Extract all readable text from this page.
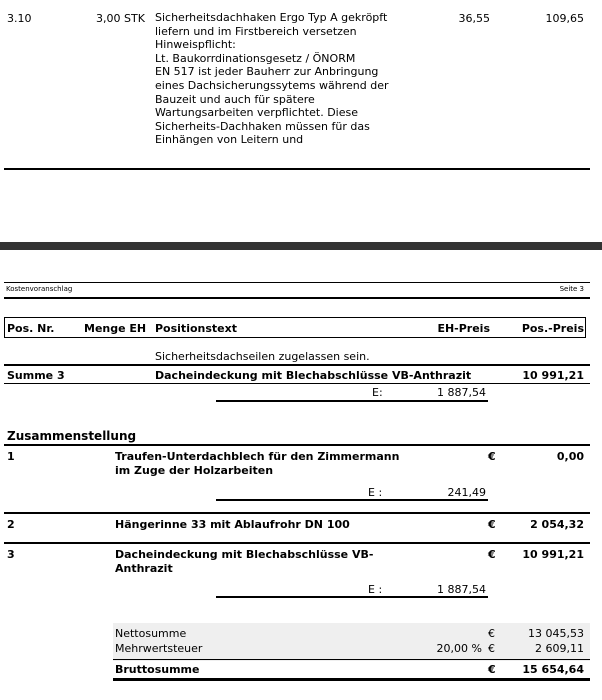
3.10	3,00 STK Sicherheitsdachhaken Ergo Typ A gekröpft
liefern und im Firstbereich versetzen
Hinweispflicht:
Lt. Baukorrdinationsgesetz / ÖNORM
EN 517 ist jeder Bauherr zur Anbringung
eines Dachsicherungssytems während der
Bauzeit und auch für spätere
Wartungsarbeiten verpflichtet. Diese
Sicherheits-Dachhaken müssen für das
Einhängen von Leitern und
36,55	109,65
Kostenvoranschlag	Seite 3
Pos. Nr.	Menge EH Positionstext	EH-Preis	Pos.-Preis
Sicherheitsdachseilen zugelassen sein.
Summe 3	Dacheindeckung mit Blechabschlüsse VB-Anthrazit	10 991,21
E:	1 887,54
Zusammenstellung
1	Traufen-Unterdachblech für den Zimmermann
im Zuge der Holzarbeiten
€	0,00
E :	241,49
2	Hängerinne 33 mit Ablaufrohr DN 100	€	2 054,32
3	Dacheindeckung mit Blechabschlüsse VB-
Anthrazit
€ 10 991,21
E :	1 887,54
Nettosumme	€	13 045,53
Mehrwertsteuer	20,00 % €	2 609,11
Bruttosumme	€ 15 654,64
